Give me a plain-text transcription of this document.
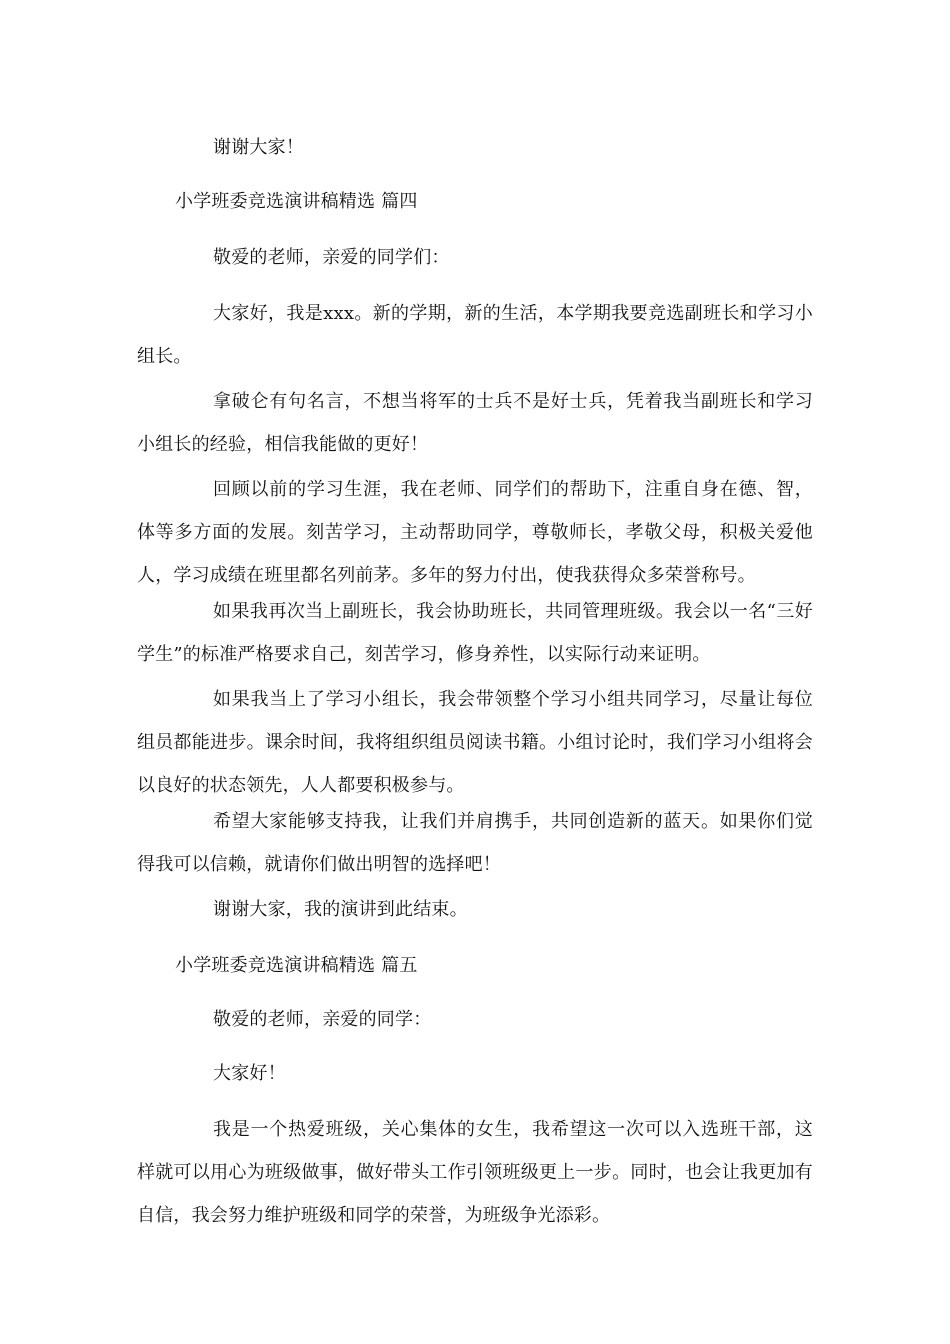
谢谢大家！

小学班委竞选演讲稿精选 篇四

敬爱的老师，亲爱的同学们：

大家好，我是xxx。新的学期，新的生活，本学期我要竞选副班长和学习小组长。

拿破仑有句名言，不想当将军的士兵不是好士兵，凭着我当副班长和学习小组长的经验，相信我能做的更好！

回顾以前的学习生涯，我在老师、同学们的帮助下，注重自身在德、智，体等多方面的发展。刻苦学习，主动帮助同学，尊敬师长，孝敬父母，积极关爱他人，学习成绩在班里都名列前茅。多年的努力付出，使我获得众多荣誉称号。

如果我再次当上副班长，我会协助班长，共同管理班级。我会以一名“三好学生”的标准严格要求自己，刻苦学习，修身养性，以实际行动来证明。

如果我当上了学习小组长，我会带领整个学习小组共同学习，尽量让每位组员都能进步。课余时间，我将组织组员阅读书籍。小组讨论时，我们学习小组将会以良好的状态领先，人人都要积极参与。

希望大家能够支持我，让我们并肩携手，共同创造新的蓝天。如果你们觉得我可以信赖，就请你们做出明智的选择吧！

谢谢大家，我的演讲到此结束。

小学班委竞选演讲稿精选 篇五

敬爱的老师，亲爱的同学：

大家好！

我是一个热爱班级，关心集体的女生，我希望这一次可以入选班干部，这样就可以用心为班级做事，做好带头工作引领班级更上一步。同时，也会让我更加有自信，我会努力维护班级和同学的荣誉，为班级争光添彩。
